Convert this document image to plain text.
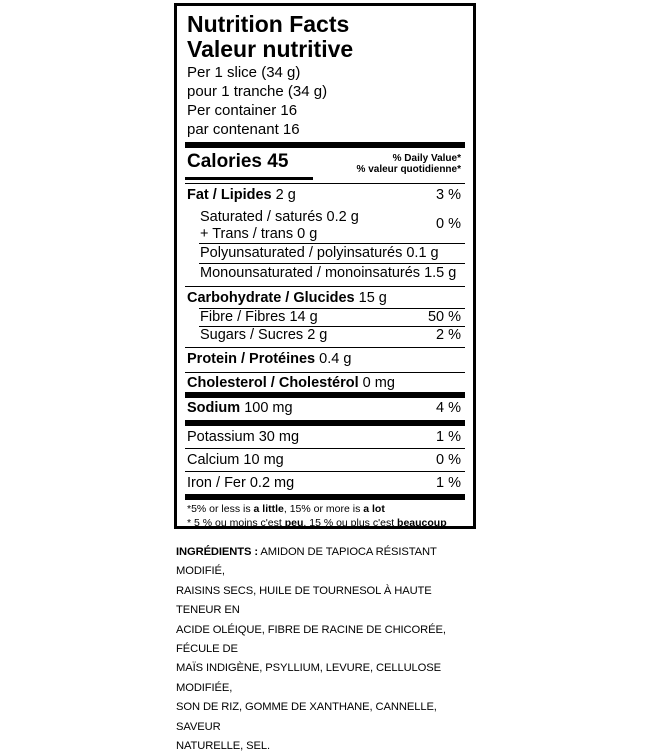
Nutrition Facts
Valeur nutritive
Per 1 slice (34 g)
pour 1 tranche (34 g)
Per container 16
par contenant 16
Calories 45	% Daily Value*
% valeur quotidienne*
Fat / Lipides 2 g	3 %
Saturated / saturés 0.2 g
+ Trans / trans 0 g
0 %
Polyunsaturated / polyinsaturés 0.1 g
Monounsaturated / monoinsaturés 1.5 g
Carbohydrate / Glucides 15 g
Fibre / Fibres 14 g	50 %
Sugars / Sucres 2 g	2 %
Protein / Protéines 0.4 g
Cholesterol / Cholestérol 0 mg
Sodium 100 mg	4 %
Potassium 30 mg	1 %
Calcium 10 mg	0 %
Iron / Fer 0.2 mg	1 %
*5% or less is a little, 15% or more is a lot
* 5 % ou moins c'est peu, 15 % ou plus c'est beaucoup
INGRÉDIENTS : AMIDON DE TAPIOCA RÉSISTANT MODIFIÉ,
RAISINS SECS, HUILE DE TOURNESOL À HAUTE TENEUR EN
ACIDE OLÉIQUE, FIBRE DE RACINE DE CHICORÉE, FÉCULE DE
MAÏS INDIGÈNE, PSYLLIUM, LEVURE, CELLULOSE MODIFIÉE,
SON DE RIZ, GOMME DE XANTHANE, CANNELLE, SAVEUR
NATURELLE, SEL.
